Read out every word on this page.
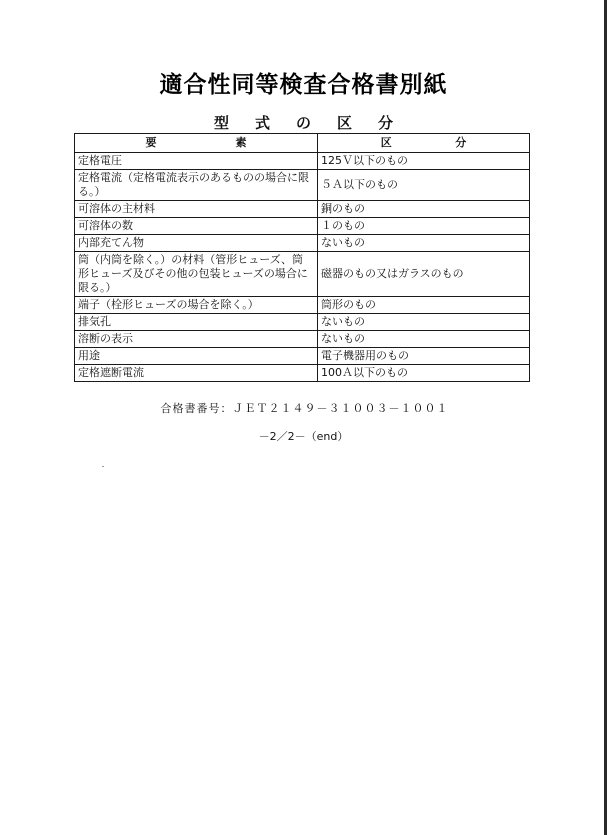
適合性同等検査合格書別紙
型式の区分
要 素	区 分

定格電圧	125Ｖ以下のもの
定格電流（定格電流表示のあるものの場合に限る。）	５Ａ以下のもの
可溶体の主材料	銅のもの
可溶体の数	１のもの
内部充てん物	ないもの
筒（内筒を除く。）の材料（管形ヒューズ、筒形ヒューズ及びその他の包装ヒューズの場合に限る。）	磁器のもの又はガラスのもの
端子（栓形ヒューズの場合を除く。）	筒形のもの
排気孔	ないもの
溶断の表示	ないもの
用途	電子機器用のもの
定格遮断電流	100Ａ以下のもの
合格書番号：ＪＥＴ２１４９－３１００３－１００１
－2／2－（end）
